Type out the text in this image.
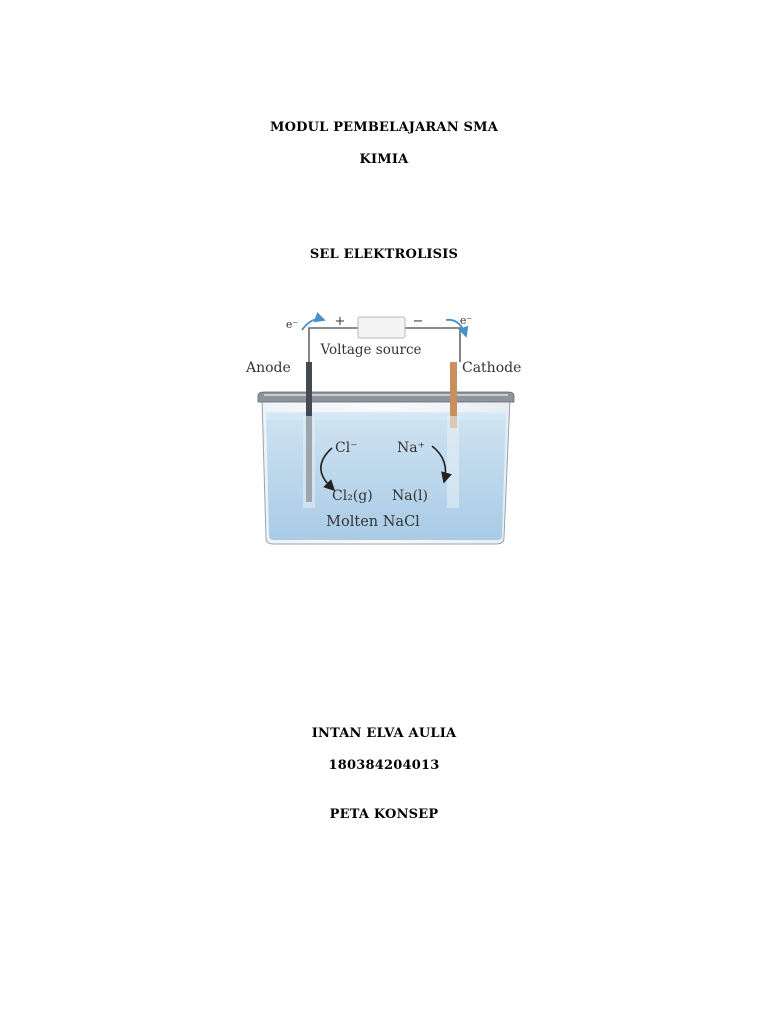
MODUL PEMBELAJARAN SMA
KIMIA
SEL ELEKTROLISIS
+	−
e⁻	e⁻
Voltage source
Anode	Cathode
Cl⁻	Na⁺
Cl₂(g) Na(l)
Molten NaCl
INTAN ELVA AULIA
180384204013
PETA KONSEP
